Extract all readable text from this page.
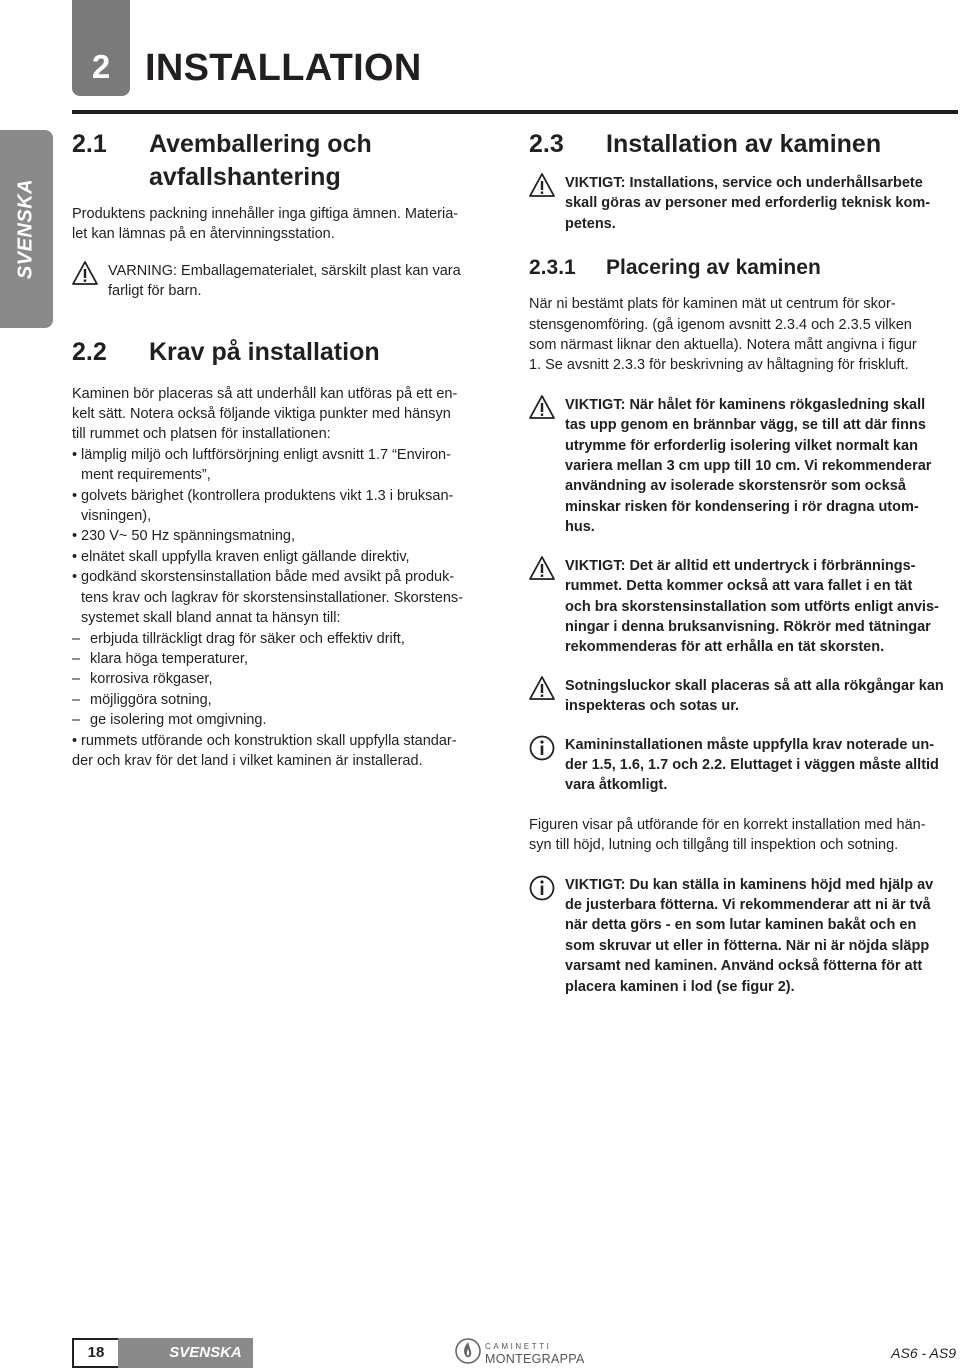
2 INSTALLATION
SVENSKA
2.1	Avemballering och
avfallshantering
Produktens packning innehåller inga giftiga ämnen. Materia-
let kan lämnas på en återvinningsstation.
VARNING: Emballagematerialet, särskilt plast kan vara
farligt för barn.
2.2	Krav på installation
Kaminen bör placeras så att underhåll kan utföras på ett en-
kelt sätt. Notera också följande viktiga punkter med hänsyn
till rummet och platsen för installationen:
• lämplig miljö och luftförsörjning enligt avsnitt 1.7 “Environ-
ment requirements”,
• golvets bärighet (kontrollera produktens vikt 1.3 i bruksan-
visningen),
• 230 V~ 50 Hz spänningsmatning,
• elnätet skall uppfylla kraven enligt gällande direktiv,
• godkänd skorstensinstallation både med avsikt på produk-
tens krav och lagkrav för skorstensinstallationer. Skorstens-
systemet skall bland annat ta hänsyn till:
– erbjuda tillräckligt drag för säker och effektiv drift,
– klara höga temperaturer,
– korrosiva rökgaser,
– möjliggöra sotning,
– ge isolering mot omgivning.
• rummets utförande och konstruktion skall uppfylla standar-
der och krav för det land i vilket kaminen är installerad.
2.3	Installation av kaminen
VIKTIGT: Installations, service och underhållsarbete
skall göras av personer med erforderlig teknisk kom-
petens.
2.3.1	Placering av kaminen
När ni bestämt plats för kaminen mät ut centrum för skor-
stensgenomföring. (gå igenom avsnitt 2.3.4 och 2.3.5 vilken
som närmast liknar den aktuella). Notera mått angivna i figur
1. Se avsnitt 2.3.3 för beskrivning av håltagning för friskluft.
VIKTIGT: När hålet för kaminens rökgasledning skall
tas upp genom en brännbar vägg, se till att där finns
utrymme för erforderlig isolering vilket normalt kan
variera mellan 3 cm upp till 10 cm. Vi rekommenderar
användning av isolerade skorstensrör som också
minskar risken för kondensering i rör dragna utom-
hus.
VIKTIGT: Det är alltid ett undertryck i förbrännings-
rummet. Detta kommer också att vara fallet i en tät
och bra skorstensinstallation som utförts enligt anvis-
ningar i denna bruksanvisning. Rökrör med tätningar
rekommenderas för att erhålla en tät skorsten.
Sotningsluckor skall placeras så att alla rökgångar kan
inspekteras och sotas ur.
Kamininstallationen måste uppfylla krav noterade un-
der 1.5, 1.6, 1.7 och 2.2. Eluttaget i väggen måste alltid
vara åtkomligt.
Figuren visar på utförande för en korrekt installation med hän-
syn till höjd, lutning och tillgång till inspektion och sotning.
VIKTIGT: Du kan ställa in kaminens höjd med hjälp av
de justerbara fötterna. Vi rekommenderar att ni är två
när detta görs - en som lutar kaminen bakåt och en
som skruvar ut eller in fötterna. När ni är nöjda släpp
varsamt ned kaminen. Använd också fötterna för att
placera kaminen i lod (se figur 2).
18	SVENSKA	CAMINETTI
MONTEGRAPPA	AS6 - AS9
